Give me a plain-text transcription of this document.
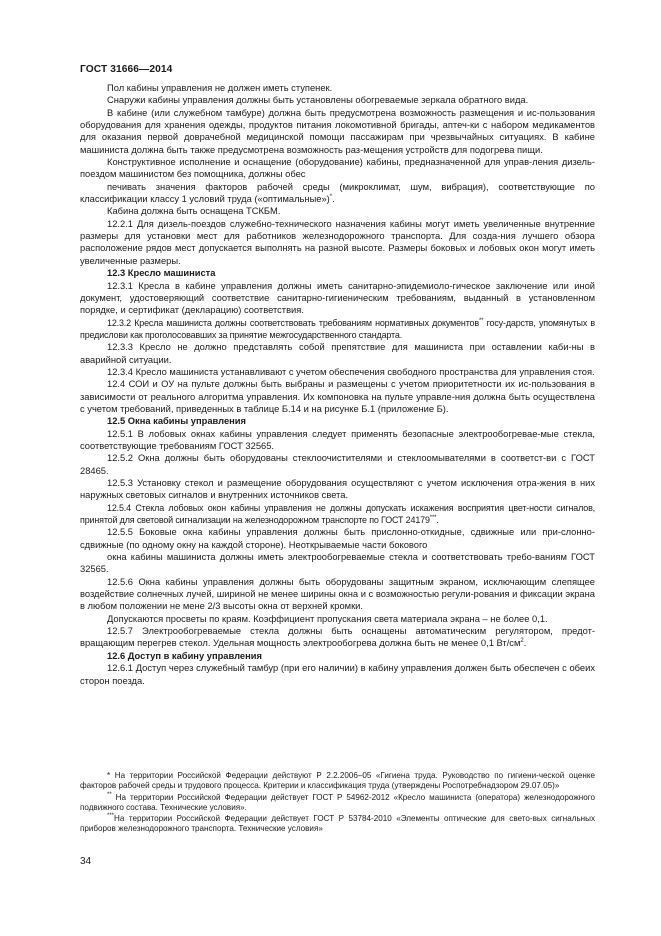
ГОСТ 31666—2014

Пол кабины управления не должен иметь ступенек.

Снаружи кабины управления должны быть установлены обогреваемые зеркала обратного вида.

В кабине (или служебном тамбуре) должна быть предусмотрена возможность размещения и ис-пользования оборудования для хранения одежды, продуктов питания локомотивной бригады, аптеч-ки с набором медикаментов для оказания первой доврачебной медицинской помощи пассажирам при чрезвычайных ситуациях. В кабине машиниста должна быть также предусмотрена возможность раз-мещения устройств для подогрева пищи.

Конструктивное исполнение и оснащение (оборудование) кабины, предназначенной для управ-ления дизель-поездом машинистом без помощника, должны обес

печивать значения факторов рабочей среды (микроклимат, шум, вибрация), соответствующие по классификации классу 1 условий труда («оптимальные»)*.

Кабина должна быть оснащена ТСКБМ.

12.2.1 Для дизель-поездов служебно-технического назначения кабины могут иметь увеличенные внутренние размеры для установки мест для работников железнодорожного транспорта. Для созда-ния лучшего обзора расположение рядов мест допускается выполнять на разной высоте. Размеры боковых и лобовых окон могут иметь увеличенные размеры.

12.3 Кресло машиниста

12.3.1 Кресла в кабине управления должны иметь санитарно-эпидемиоло-гическое заключение или иной документ, удостоверяющий соответствие санитарно-гигиеническим требованиям, выданный в установленном порядке, и сертификат (декларацию) соответствия.

12.3.2 Кресла машиниста должны соответствовать требованиям нормативных документов** госу-дарств, упомянутых в предислови как проголосовавших за принятие межгосударственного стандарта.

12.3.3 Кресло не должно представлять собой препятствие для машиниста при оставлении каби-ны в аварийной ситуации.

12.3.4 Кресло машиниста устанавливают с учетом обеспечения свободного пространства для управления стоя.

12.4 СОИ и ОУ на пульте должны быть выбраны и размещены с учетом приоритетности их ис-пользования в зависимости от реального алгоритма управления. Их компоновка на пульте управле-ния должна быть осуществлена с учетом требований, приведенных в таблице Б.14 и на рисунке Б.1 (приложение Б).

12.5 Окна кабины управления

12.5.1 В лобовых окнах кабины управления следует применять безопасные электрообогревае-мые стекла, соответствующие требованиям ГОСТ 32565.

12.5.2 Окна должны быть оборудованы стеклоочистителями и стеклоомывателями в соответст-ви с ГОСТ 28465.

12.5.3 Установку стекол и размещение оборудования осуществляют с учетом исключения отра-жения в них наружных световых сигналов и внутренних источников света.

12.5.4 Стекла лобовых окон кабины управления не должны допускать искажения восприятия цвет-ности сигналов, принятой для световой сигнализации на железнодорожном транспорте по ГОСТ 24179***.

12.5.5 Боковые окна кабины управления должны быть прислонно-откидные, сдвижные или при-слонно-сдвижные (по одному окну на каждой стороне). Неоткрываемые части бокового

окна кабины машиниста должны иметь электрообогреваемые стекла и соответствовать требо-ваниям ГОСТ 32565.

12.5.6 Окна кабины управления должны быть оборудованы защитным экраном, исключающим слепящее воздействие солнечных лучей, шириной не менее ширины окна и с возможностью регули-рования и фиксации экрана в любом положении не мене 2/3 высоты окна от верхней кромки.

Допускаются просветы по краям. Коэффициент пропускания света материала экрана – не более 0,1.

12.5.7 Электрообогреваемые стекла должны быть оснащены автоматическим регулятором, предот-вращающим перегрев стекол. Удельная мощность электрообогрева должна быть не менее 0,1 $Вт/см^2$.

12.6 Доступ в кабину управления

12.6.1 Доступ через служебный тамбур (при его наличии) в кабину управления должен быть обеспечен с обеих сторон поезда.

* На территории Российской Федерации действуют Р 2.2.2006–05 «Гигиена труда. Руководство по гигиени-ческой оценке факторов рабочей среды и трудового процесса. Критерии и классификация труда (утверждены Роспотребнадзором 29.07.05)»

** На территории Российской Федерации действует ГОСТ Р 54962-2012 «Кресло машиниста (оператора) железнодорожного подвижного состава. Технические условия».

***На территории Российской Федерации действует ГОСТ Р 53784-2010 «Элементы оптические для свето-вых сигнальных приборов железнодорожного транспорта. Технические условия»

34
